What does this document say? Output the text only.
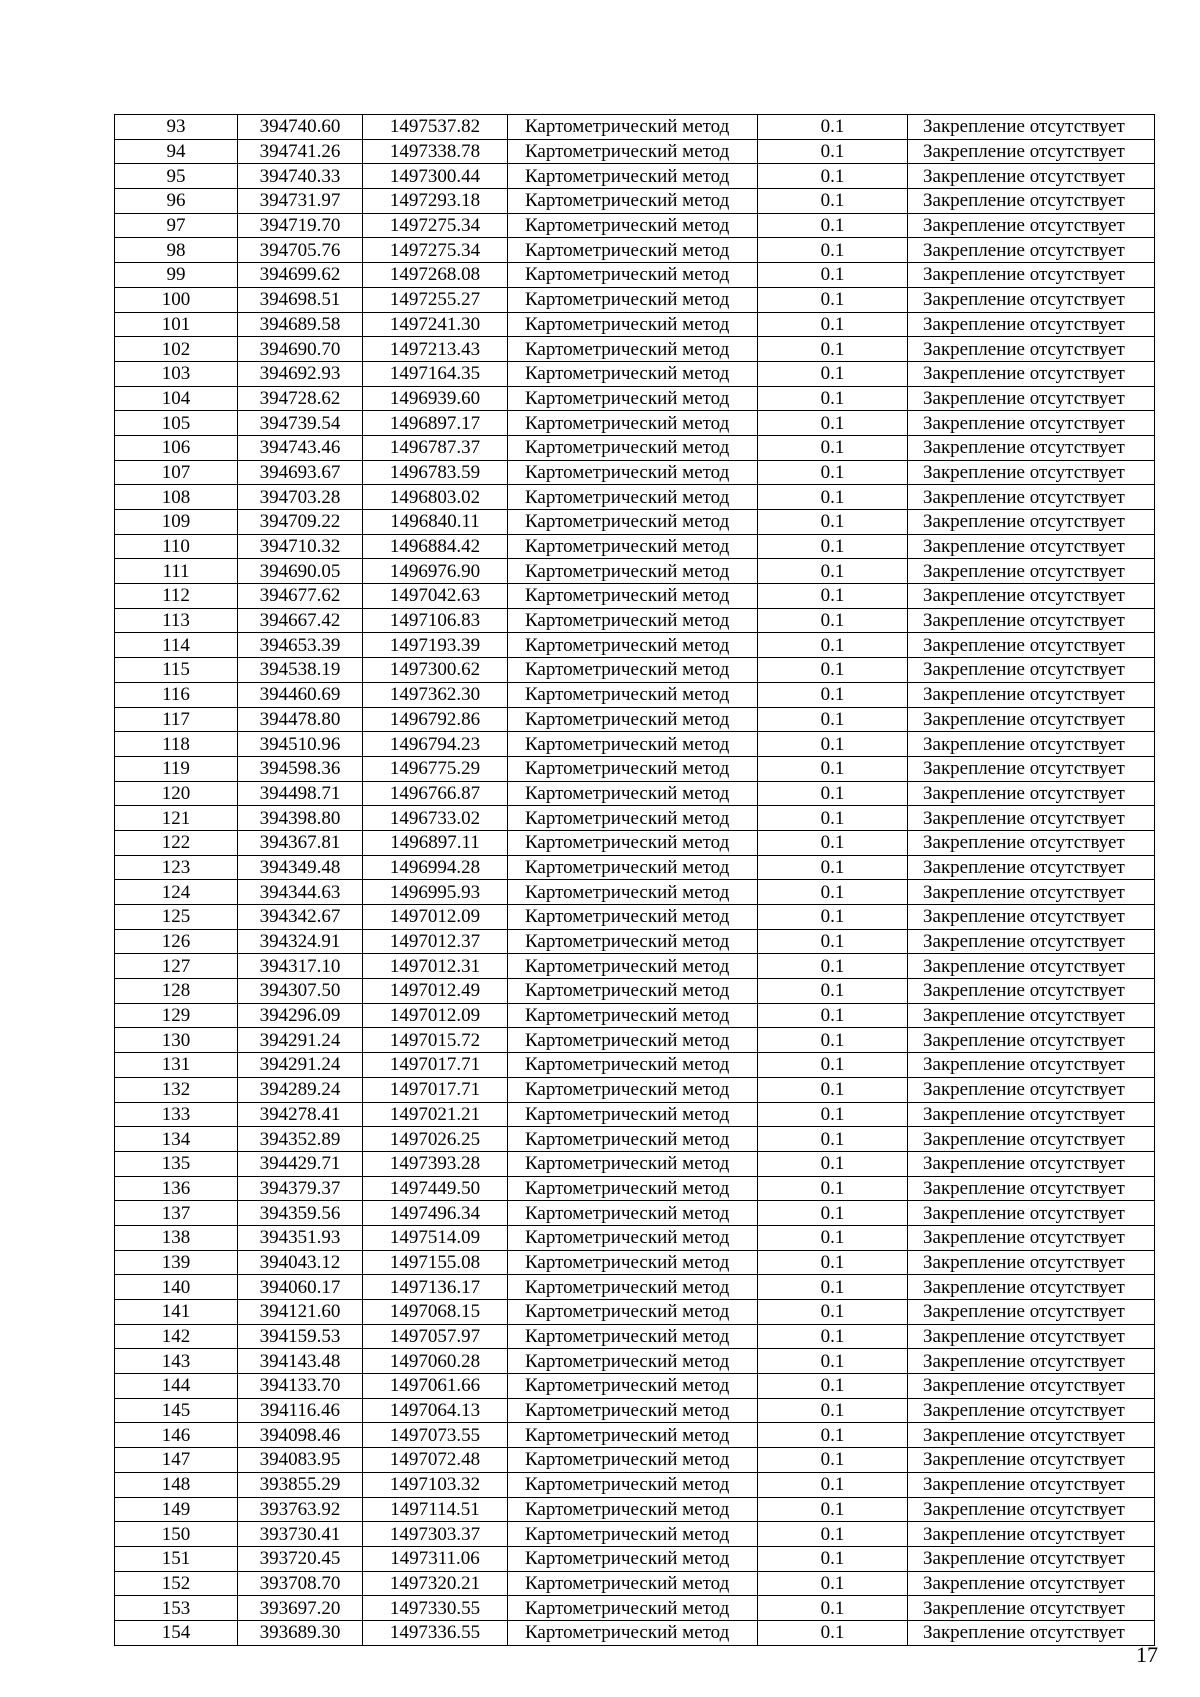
93	394740.60	1497537.82	Картометрический метод	0.1	Закрепление отсутствует
94	394741.26	1497338.78	Картометрический метод	0.1	Закрепление отсутствует
95	394740.33	1497300.44	Картометрический метод	0.1	Закрепление отсутствует
96	394731.97	1497293.18	Картометрический метод	0.1	Закрепление отсутствует
97	394719.70	1497275.34	Картометрический метод	0.1	Закрепление отсутствует
98	394705.76	1497275.34	Картометрический метод	0.1	Закрепление отсутствует
99	394699.62	1497268.08	Картометрический метод	0.1	Закрепление отсутствует
100	394698.51	1497255.27	Картометрический метод	0.1	Закрепление отсутствует
101	394689.58	1497241.30	Картометрический метод	0.1	Закрепление отсутствует
102	394690.70	1497213.43	Картометрический метод	0.1	Закрепление отсутствует
103	394692.93	1497164.35	Картометрический метод	0.1	Закрепление отсутствует
104	394728.62	1496939.60	Картометрический метод	0.1	Закрепление отсутствует
105	394739.54	1496897.17	Картометрический метод	0.1	Закрепление отсутствует
106	394743.46	1496787.37	Картометрический метод	0.1	Закрепление отсутствует
107	394693.67	1496783.59	Картометрический метод	0.1	Закрепление отсутствует
108	394703.28	1496803.02	Картометрический метод	0.1	Закрепление отсутствует
109	394709.22	1496840.11	Картометрический метод	0.1	Закрепление отсутствует
110	394710.32	1496884.42	Картометрический метод	0.1	Закрепление отсутствует
111	394690.05	1496976.90	Картометрический метод	0.1	Закрепление отсутствует
112	394677.62	1497042.63	Картометрический метод	0.1	Закрепление отсутствует
113	394667.42	1497106.83	Картометрический метод	0.1	Закрепление отсутствует
114	394653.39	1497193.39	Картометрический метод	0.1	Закрепление отсутствует
115	394538.19	1497300.62	Картометрический метод	0.1	Закрепление отсутствует
116	394460.69	1497362.30	Картометрический метод	0.1	Закрепление отсутствует
117	394478.80	1496792.86	Картометрический метод	0.1	Закрепление отсутствует
118	394510.96	1496794.23	Картометрический метод	0.1	Закрепление отсутствует
119	394598.36	1496775.29	Картометрический метод	0.1	Закрепление отсутствует
120	394498.71	1496766.87	Картометрический метод	0.1	Закрепление отсутствует
121	394398.80	1496733.02	Картометрический метод	0.1	Закрепление отсутствует
122	394367.81	1496897.11	Картометрический метод	0.1	Закрепление отсутствует
123	394349.48	1496994.28	Картометрический метод	0.1	Закрепление отсутствует
124	394344.63	1496995.93	Картометрический метод	0.1	Закрепление отсутствует
125	394342.67	1497012.09	Картометрический метод	0.1	Закрепление отсутствует
126	394324.91	1497012.37	Картометрический метод	0.1	Закрепление отсутствует
127	394317.10	1497012.31	Картометрический метод	0.1	Закрепление отсутствует
128	394307.50	1497012.49	Картометрический метод	0.1	Закрепление отсутствует
129	394296.09	1497012.09	Картометрический метод	0.1	Закрепление отсутствует
130	394291.24	1497015.72	Картометрический метод	0.1	Закрепление отсутствует
131	394291.24	1497017.71	Картометрический метод	0.1	Закрепление отсутствует
132	394289.24	1497017.71	Картометрический метод	0.1	Закрепление отсутствует
133	394278.41	1497021.21	Картометрический метод	0.1	Закрепление отсутствует
134	394352.89	1497026.25	Картометрический метод	0.1	Закрепление отсутствует
135	394429.71	1497393.28	Картометрический метод	0.1	Закрепление отсутствует
136	394379.37	1497449.50	Картометрический метод	0.1	Закрепление отсутствует
137	394359.56	1497496.34	Картометрический метод	0.1	Закрепление отсутствует
138	394351.93	1497514.09	Картометрический метод	0.1	Закрепление отсутствует
139	394043.12	1497155.08	Картометрический метод	0.1	Закрепление отсутствует
140	394060.17	1497136.17	Картометрический метод	0.1	Закрепление отсутствует
141	394121.60	1497068.15	Картометрический метод	0.1	Закрепление отсутствует
142	394159.53	1497057.97	Картометрический метод	0.1	Закрепление отсутствует
143	394143.48	1497060.28	Картометрический метод	0.1	Закрепление отсутствует
144	394133.70	1497061.66	Картометрический метод	0.1	Закрепление отсутствует
145	394116.46	1497064.13	Картометрический метод	0.1	Закрепление отсутствует
146	394098.46	1497073.55	Картометрический метод	0.1	Закрепление отсутствует
147	394083.95	1497072.48	Картометрический метод	0.1	Закрепление отсутствует
148	393855.29	1497103.32	Картометрический метод	0.1	Закрепление отсутствует
149	393763.92	1497114.51	Картометрический метод	0.1	Закрепление отсутствует
150	393730.41	1497303.37	Картометрический метод	0.1	Закрепление отсутствует
151	393720.45	1497311.06	Картометрический метод	0.1	Закрепление отсутствует
152	393708.70	1497320.21	Картометрический метод	0.1	Закрепление отсутствует
153	393697.20	1497330.55	Картометрический метод	0.1	Закрепление отсутствует
154	393689.30	1497336.55	Картометрический метод	0.1	Закрепление отсутствует
17
